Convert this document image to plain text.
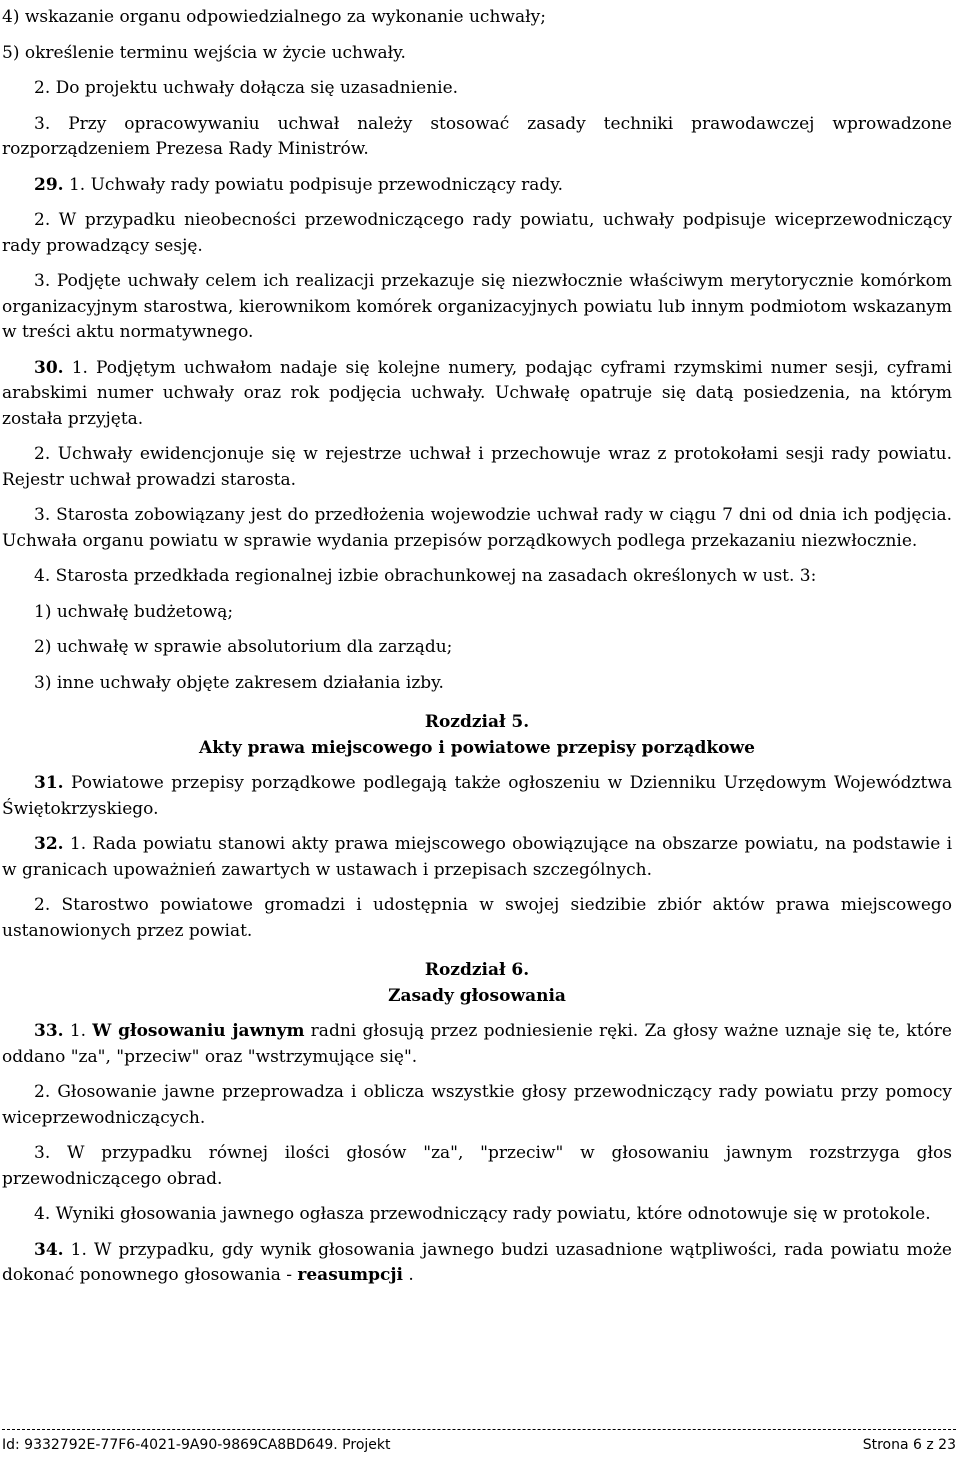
4) wskazanie organu odpowiedzialnego za wykonanie uchwały;

5) określenie terminu wejścia w życie uchwały.

2. Do projektu uchwały dołącza się uzasadnienie.

3. Przy opracowywaniu uchwał należy stosować zasady techniki prawodawczej wprowadzone rozporządzeniem Prezesa Rady Ministrów.

29. 1. Uchwały rady powiatu podpisuje przewodniczący rady.

2. W przypadku nieobecności przewodniczącego rady powiatu, uchwały podpisuje wiceprzewodniczący rady prowadzący sesję.

3. Podjęte uchwały celem ich realizacji przekazuje się niezwłocznie właściwym merytorycznie komórkom organizacyjnym starostwa, kierownikom komórek organizacyjnych powiatu lub innym podmiotom wskazanym w treści aktu normatywnego.

30. 1. Podjętym uchwałom nadaje się kolejne numery, podając cyframi rzymskimi numer sesji, cyframi arabskimi numer uchwały oraz rok podjęcia uchwały. Uchwałę opatruje się datą posiedzenia, na którym została przyjęta.

2. Uchwały ewidencjonuje się w rejestrze uchwał i przechowuje wraz z protokołami sesji rady powiatu. Rejestr uchwał prowadzi starosta.

3. Starosta zobowiązany jest do przedłożenia wojewodzie uchwał rady w ciągu 7 dni od dnia ich podjęcia. Uchwała organu powiatu w sprawie wydania przepisów porządkowych podlega przekazaniu niezwłocznie.

4. Starosta przedkłada regionalnej izbie obrachunkowej na zasadach określonych w ust. 3:

1) uchwałę budżetową;

2) uchwałę w sprawie absolutorium dla zarządu;

3) inne uchwały objęte zakresem działania izby.

Rozdział 5.

Akty prawa miejscowego i powiatowe przepisy porządkowe

31. Powiatowe przepisy porządkowe podlegają także ogłoszeniu w Dzienniku Urzędowym Województwa Świętokrzyskiego.

32. 1. Rada powiatu stanowi akty prawa miejscowego obowiązujące na obszarze powiatu, na podstawie i w granicach upoważnień zawartych w ustawach i przepisach szczególnych.

2. Starostwo powiatowe gromadzi i udostępnia w swojej siedzibie zbiór aktów prawa miejscowego ustanowionych przez powiat.

Rozdział 6.

Zasady głosowania

33. 1. W głosowaniu jawnym radni głosują przez podniesienie ręki. Za głosy ważne uznaje się te, które oddano "za", "przeciw" oraz "wstrzymujące się".

2. Głosowanie jawne przeprowadza i oblicza wszystkie głosy przewodniczący rady powiatu przy pomocy wiceprzewodniczących.

3. W przypadku równej ilości głosów "za", "przeciw" w głosowaniu jawnym rozstrzyga głos przewodniczącego obrad.

4. Wyniki głosowania jawnego ogłasza przewodniczący rady powiatu, które odnotowuje się w protokole.

34. 1. W przypadku, gdy wynik głosowania jawnego budzi uzasadnione wątpliwości, rada powiatu może dokonać ponownego głosowania - reasumpcji .

Id: 9332792E-77F6-4021-9A90-9869CA8BD649. Projekt	Strona 6 z 23
